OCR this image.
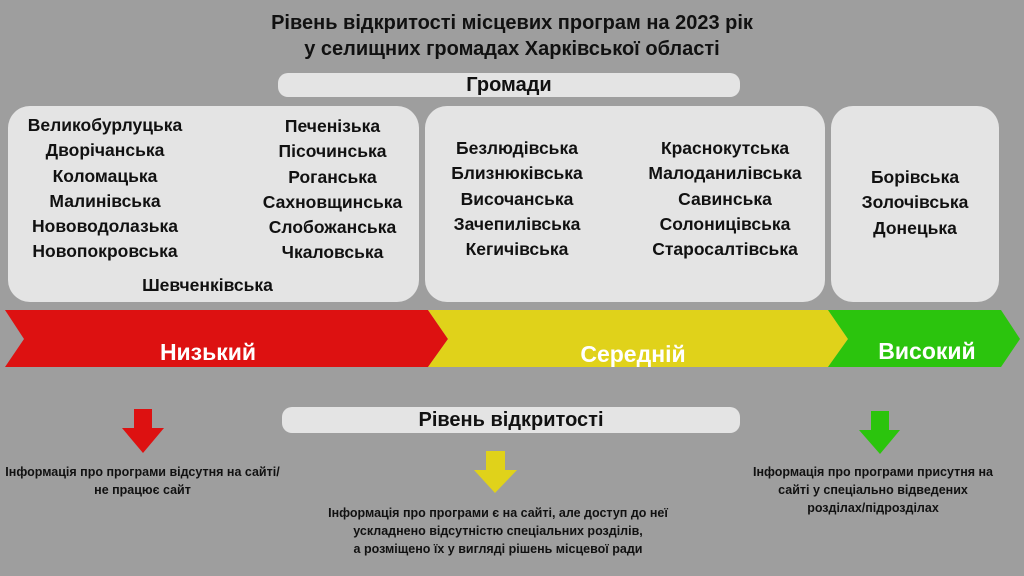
Рівень відкритості місцевих програм на 2023 рік
у селищних громадах Харківської області
Громади
Великобурлуцька
Дворічанська
Коломацька
Малинівська
Нововодолазька
Новопокровська
Печенізька
Пісочинська
Роганська
Сахновщинська
Слобожанська
Чкаловська
Шевченківська
Безлюдівська
Близнюківська
Височанська
Зачепилівська
Кегичівська
Краснокутська
Малоданилівська
Савинська
Солоницівська
Старосалтівська
Борівська
Золочівська
Донецька
Низький	Середній	Високий
Рівень відкритості
Інформація про програми відсутня на сайті/не працює сайт
Інформація про програми є на сайті, але доступ до неї
ускладнено відсутністю спеціальних розділів,
а розміщено їх у вигляді рішень місцевої ради
Інформація про програми присутня на
сайті у спеціально відведених
розділах/підрозділах
